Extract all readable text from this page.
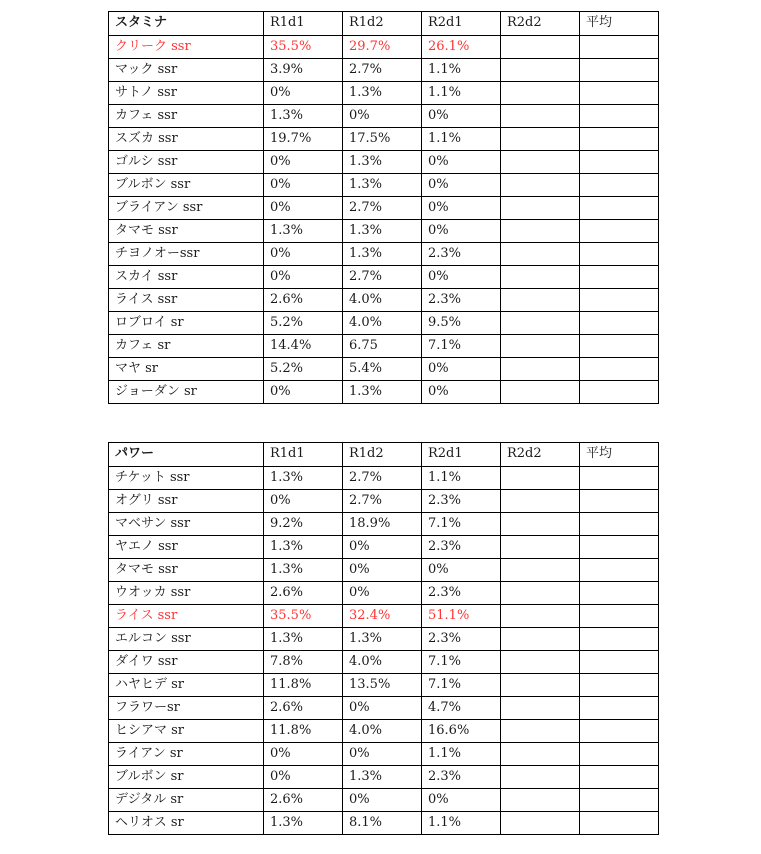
スタミナ	R1d1	R1d2	R2d1	R2d2	平均
クリーク ssr	35.5%	29.7%	26.1%		
マック ssr	3.9%	2.7%	1.1%		
サトノ ssr	0%	1.3%	1.1%		
カフェ ssr	1.3%	0%	0%		
スズカ ssr	19.7%	17.5%	1.1%		
ゴルシ ssr	0%	1.3%	0%		
ブルボン ssr	0%	1.3%	0%		
ブライアン ssr	0%	2.7%	0%		
タマモ ssr	1.3%	1.3%	0%		
チヨノオーssr	0%	1.3%	2.3%		
スカイ ssr	0%	2.7%	0%		
ライス ssr	2.6%	4.0%	2.3%		
ロブロイ sr	5.2%	4.0%	9.5%		
カフェ sr	14.4%	6.75	7.1%		
マヤ sr	5.2%	5.4%	0%		
ジョーダン sr	0%	1.3%	0%		
パワー	R1d1	R1d2	R2d1	R2d2	平均
チケット ssr	1.3%	2.7%	1.1%		
オグリ ssr	0%	2.7%	2.3%		
マベサン ssr	9.2%	18.9%	7.1%		
ヤエノ ssr	1.3%	0%	2.3%		
タマモ ssr	1.3%	0%	0%		
ウオッカ ssr	2.6%	0%	2.3%		
ライス ssr	35.5%	32.4%	51.1%		
エルコン ssr	1.3%	1.3%	2.3%		
ダイワ ssr	7.8%	4.0%	7.1%		
ハヤヒデ sr	11.8%	13.5%	7.1%		
フラワーsr	2.6%	0%	4.7%		
ヒシアマ sr	11.8%	4.0%	16.6%		
ライアン sr	0%	0%	1.1%		
ブルボン sr	0%	1.3%	2.3%		
デジタル sr	2.6%	0%	0%		
ヘリオス sr	1.3%	8.1%	1.1%		
